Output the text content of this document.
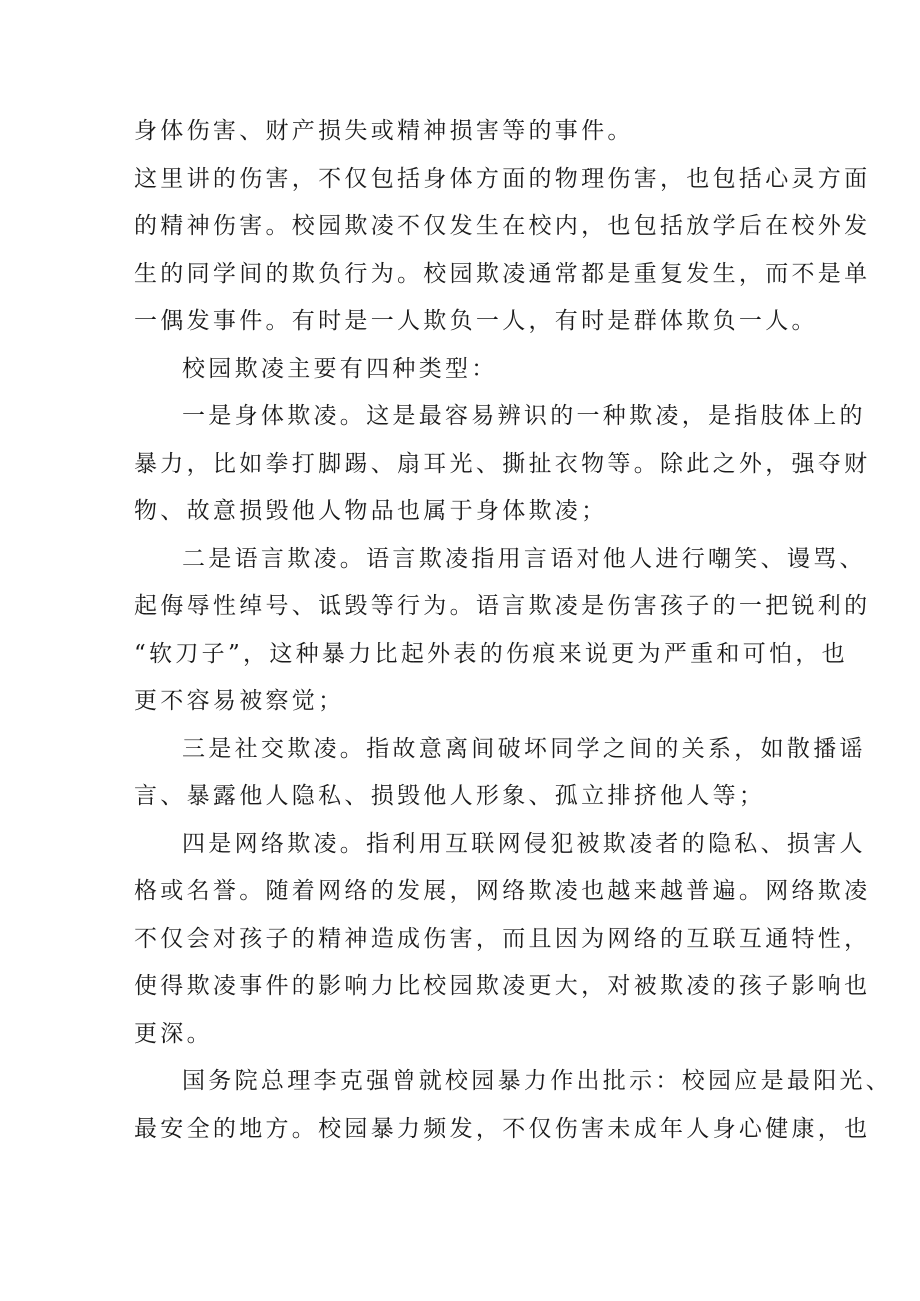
身体伤害、财产损失或精神损害等的事件。
这里讲的伤害，不仅包括身体方面的物理伤害，也包括心灵方面
的精神伤害。校园欺凌不仅发生在校内，也包括放学后在校外发
生的同学间的欺负行为。校园欺凌通常都是重复发生，而不是单
一偶发事件。有时是一人欺负一人，有时是群体欺负一人。
校园欺凌主要有四种类型：
一是身体欺凌。这是最容易辨识的一种欺凌，是指肢体上的
暴力，比如拳打脚踢、扇耳光、撕扯衣物等。除此之外，强夺财
物、故意损毁他人物品也属于身体欺凌；
二是语言欺凌。语言欺凌指用言语对他人进行嘲笑、谩骂、
起侮辱性绰号、诋毁等行为。语言欺凌是伤害孩子的一把锐利的
“软刀子”，这种暴力比起外表的伤痕来说更为严重和可怕，也
更不容易被察觉；
三是社交欺凌。指故意离间破坏同学之间的关系，如散播谣
言、暴露他人隐私、损毁他人形象、孤立排挤他人等；
四是网络欺凌。指利用互联网侵犯被欺凌者的隐私、损害人
格或名誉。随着网络的发展，网络欺凌也越来越普遍。网络欺凌
不仅会对孩子的精神造成伤害，而且因为网络的互联互通特性，
使得欺凌事件的影响力比校园欺凌更大，对被欺凌的孩子影响也
更深。
国务院总理李克强曾就校园暴力作出批示：校园应是最阳光、
最安全的地方。校园暴力频发，不仅伤害未成年人身心健康，也
